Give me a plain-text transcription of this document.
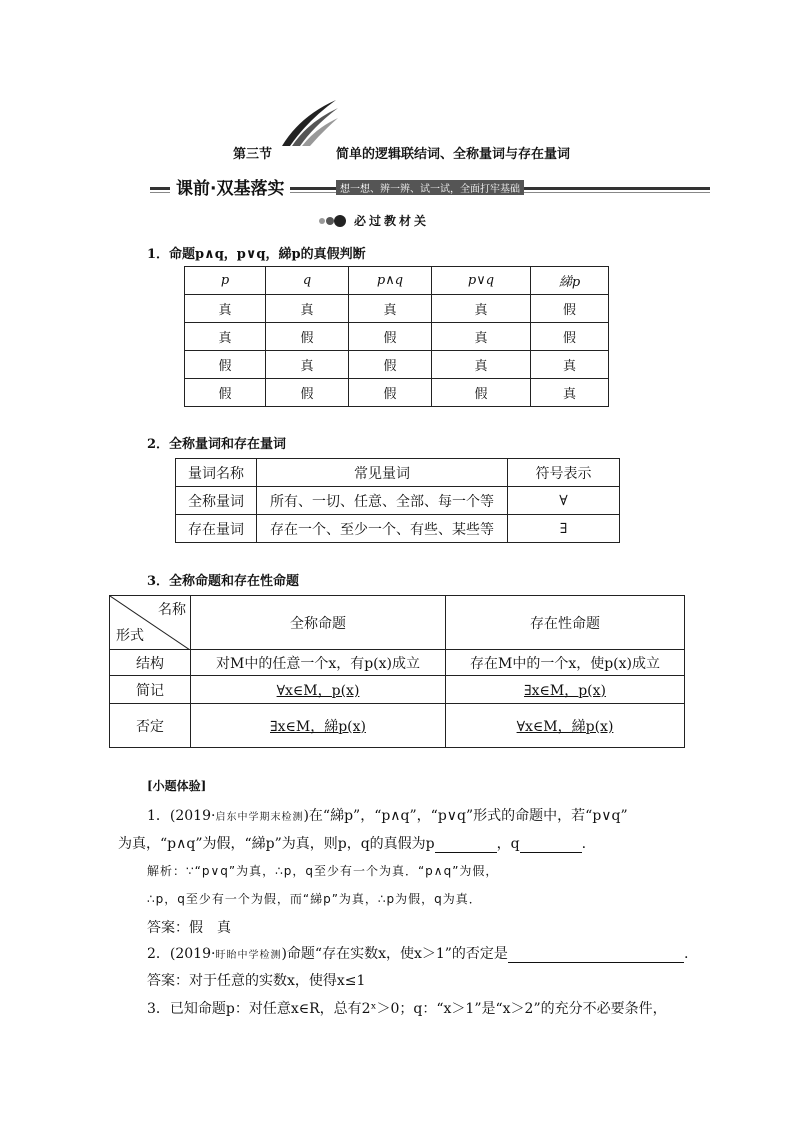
第三节	简单的逻辑联结词、全称量词与存在量词
课前·双基落实	想一想、辨一辨、试一试，全面打牢基础
必过教材关
1．命题p∧q，p∨q，綈p的真假判断
p	q	p∧q	p∨q	綈p
真	真	真	真	假
真	假	假	真	假
假	真	假	真	真
假	假	假	假	真
2．全称量词和存在量词
量词名称	常见量词	符号表示
全称量词	所有、一切、任意、全部、每一个等	∀
存在量词	存在一个、至少一个、有些、某些等	∃
3．全称命题和存在性命题
名称
形式	全称命题	存在性命题
结构	对M中的任意一个x，有p(x)成立	存在M中的一个x，使p(x)成立
简记	∀x∈M，p(x)	∃x∈M，p(x)
否定	∃x∈M，綈p(x)	∀x∈M，綈p(x)
[小题体验]
1．(2019·启东中学期末检测)在“綈p”，“p∧q”，“p∨q”形式的命题中，若“p∨q”
为真，“p∧q”为假，“綈p”为真，则p，q的真假为p	，q	.
解析：∵“p∨q”为真，∴p，q至少有一个为真．“p∧q”为假，
∴p，q至少有一个为假，而“綈p”为真，∴p为假，q为真．
答案：假　真
2．(2019·盱眙中学检测)命题“存在实数x，使x＞1”的否定是	.
答案：对于任意的实数x，使得x≤1
3．已知命题p：对任意x∈R，总有2ˣ＞0；q：“x＞1”是“x＞2”的充分不必要条件，
